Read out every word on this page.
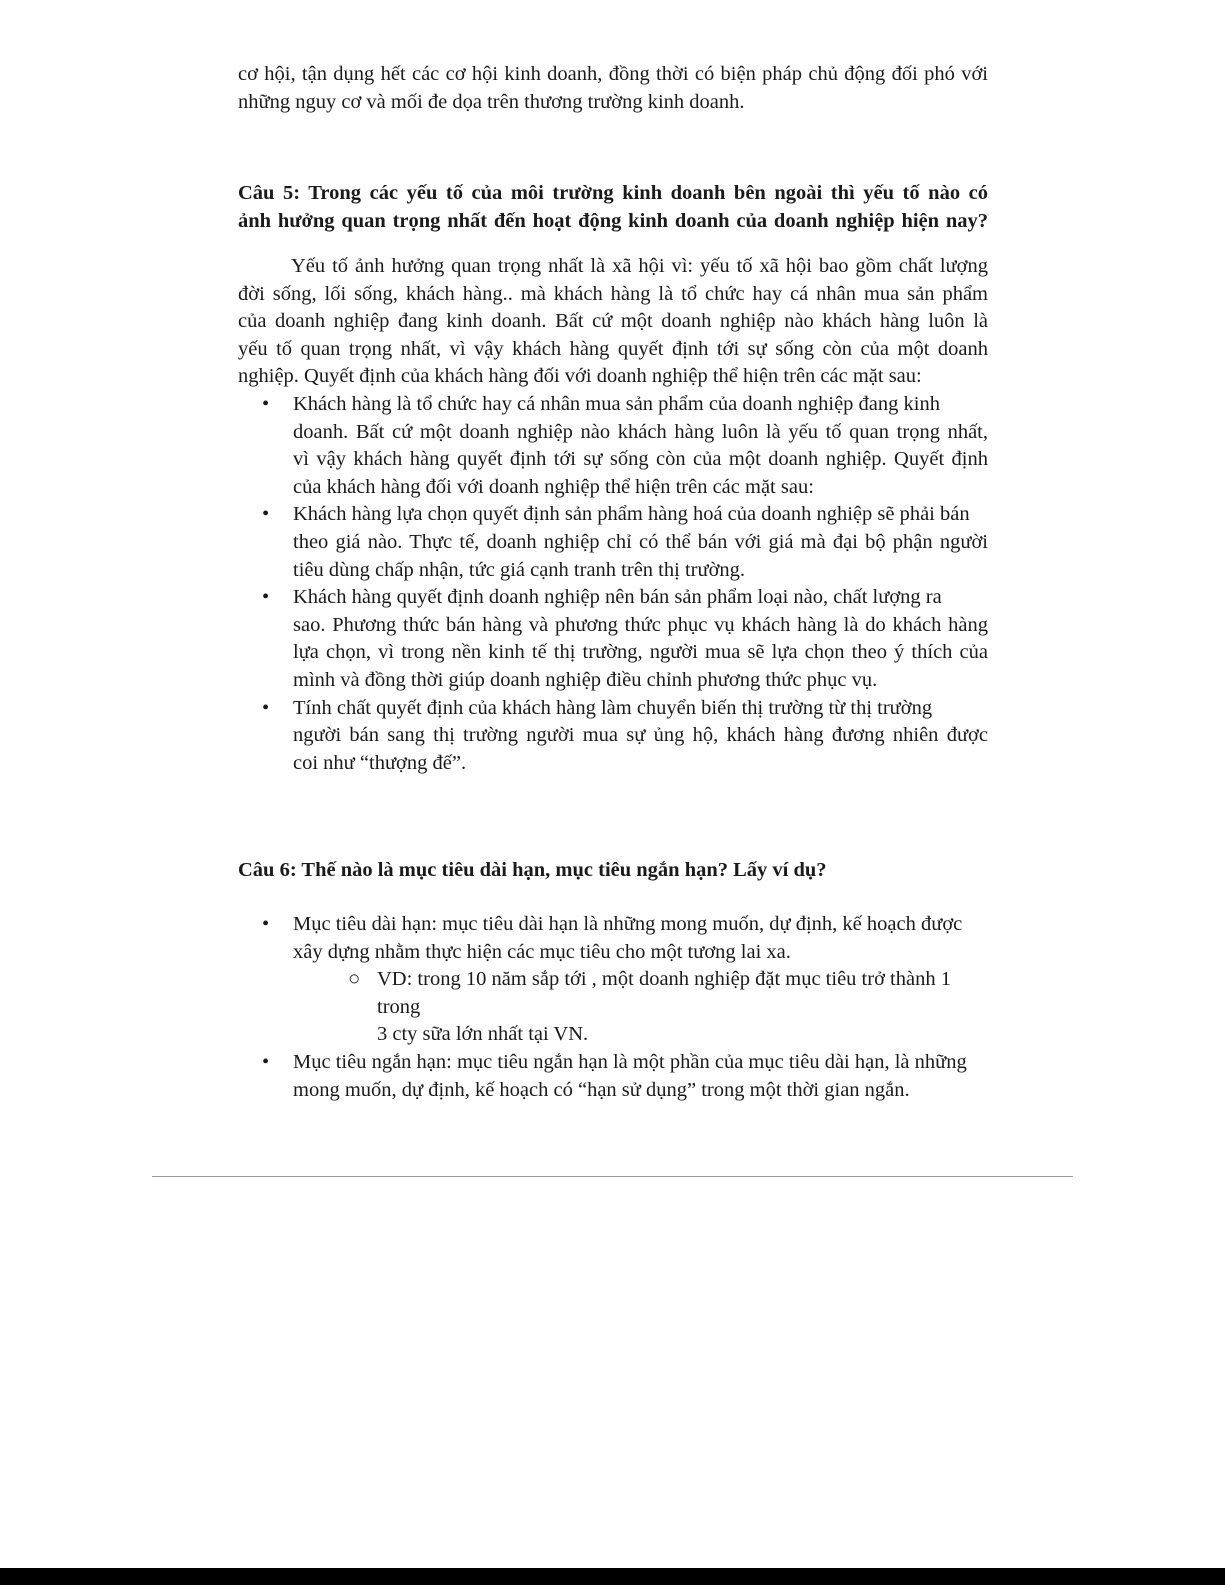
cơ hội, tận dụng hết các cơ hội kinh doanh, đồng thời có biện pháp chủ động đối phó với

những nguy cơ và mối đe dọa trên thương trường kinh doanh.

Câu 5: Trong các yếu tố của môi trường kinh doanh bên ngoài thì yếu tố nào có

ảnh hưởng quan trọng nhất đến hoạt động kinh doanh của doanh nghiệp hiện nay?

Yếu tố ảnh hưởng quan trọng nhất là xã hội vì: yếu tố xã hội bao gồm chất lượng

đời sống, lối sống, khách hàng.. mà khách hàng là tổ chức hay cá nhân mua sản phẩm

của doanh nghiệp đang kinh doanh. Bất cứ một doanh nghiệp nào khách hàng luôn là

yếu tố quan trọng nhất, vì vậy khách hàng quyết định tới sự sống còn của một doanh

nghiệp. Quyết định của khách hàng đối với doanh nghiệp thể hiện trên các mặt sau:

•	Khách hàng là tổ chức hay cá nhân mua sản phẩm của doanh nghiệp đang kinh
doanh. Bất cứ một doanh nghiệp nào khách hàng luôn là yếu tố quan trọng nhất,
vì vậy khách hàng quyết định tới sự sống còn của một doanh nghiệp. Quyết định
của khách hàng đối với doanh nghiệp thể hiện trên các mặt sau:
•	Khách hàng lựa chọn quyết định sản phẩm hàng hoá của doanh nghiệp sẽ phải bán
theo giá nào. Thực tế, doanh nghiệp chỉ có thể bán với giá mà đại bộ phận người
tiêu dùng chấp nhận, tức giá cạnh tranh trên thị trường.
•	Khách hàng quyết định doanh nghiệp nên bán sản phẩm loại nào, chất lượng ra
sao. Phương thức bán hàng và phương thức phục vụ khách hàng là do khách hàng
lựa chọn, vì trong nền kinh tế thị trường, người mua sẽ lựa chọn theo ý thích của
mình và đồng thời giúp doanh nghiệp điều chỉnh phương thức phục vụ.
•	Tính chất quyết định của khách hàng làm chuyển biến thị trường từ thị trường
người bán sang thị trường người mua sự ủng hộ, khách hàng đương nhiên được
coi như “thượng đế”.

Câu 6: Thế nào là mục tiêu dài hạn, mục tiêu ngắn hạn? Lấy ví dụ?

•	Mục tiêu dài hạn: mục tiêu dài hạn là những mong muốn, dự định, kế hoạch được
xây dựng nhằm thực hiện các mục tiêu cho một tương lai xa.
○ VD: trong 10 năm sắp tới , một doanh nghiệp đặt mục tiêu trở thành 1 trong
3 cty sữa lớn nhất tại VN.
•	Mục tiêu ngắn hạn: mục tiêu ngắn hạn là một phần của mục tiêu dài hạn, là những
mong muốn, dự định, kế hoạch có “hạn sử dụng” trong một thời gian ngắn.
